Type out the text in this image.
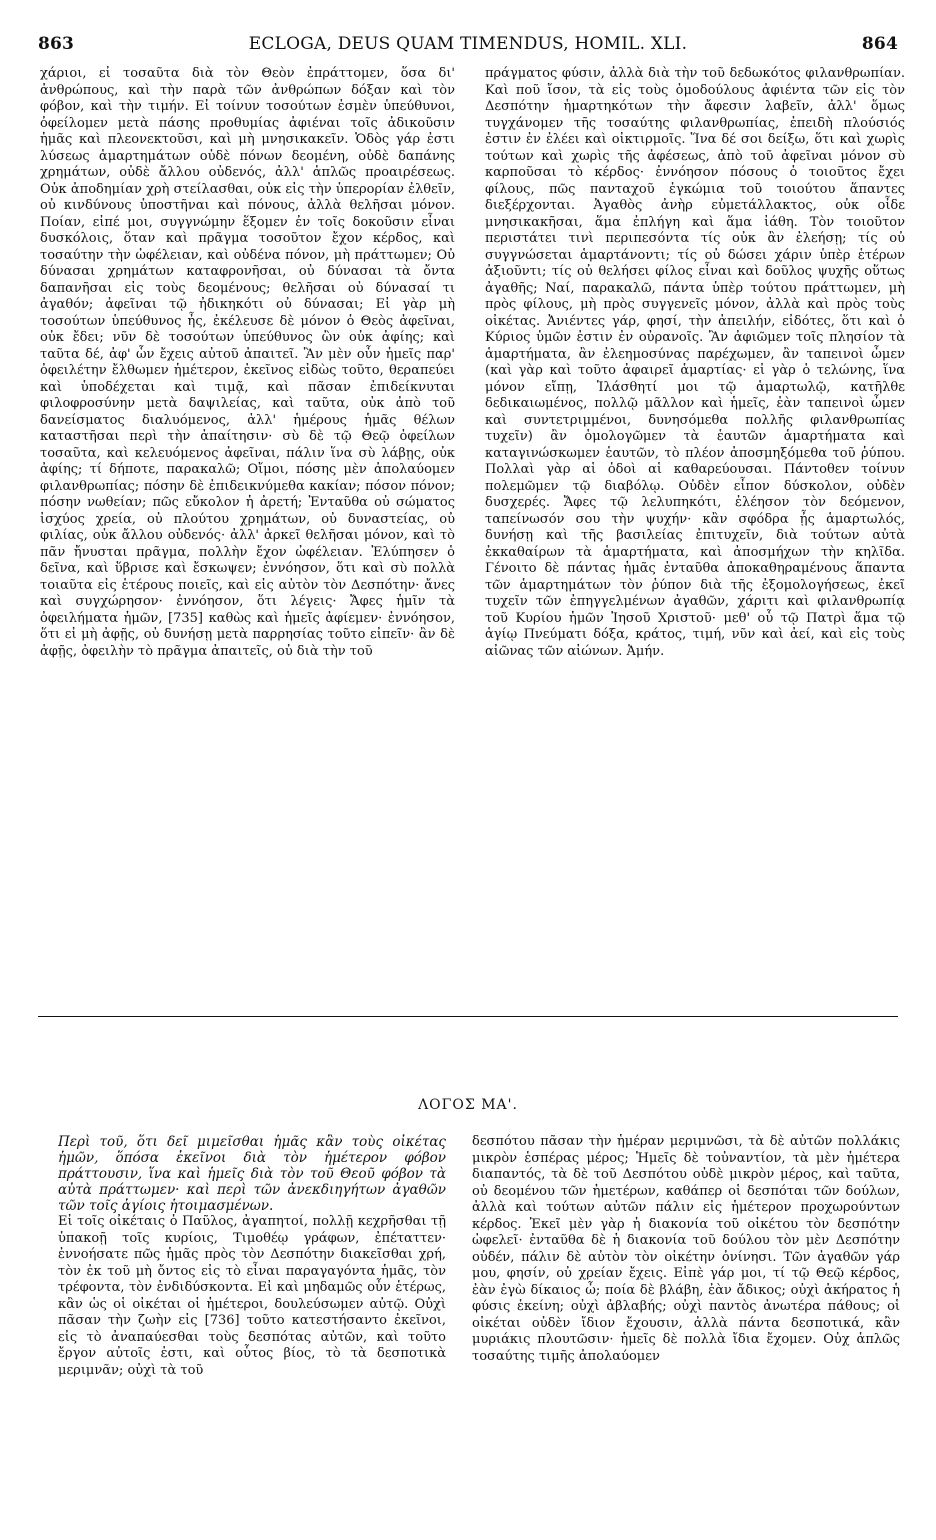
863	ECLOGA, DEUS QUAM TIMENDUS, HOMIL. XLI.	864

χάριοι, εἰ τοσαῦτα διὰ τὸν Θεὸν ἐπράττομεν, ὅσα δι' ἀνθρώπους, καὶ τὴν παρὰ τῶν ἀνθρώπων δόξαν καὶ τὸν φόβον, καὶ τὴν τιμήν. Εἰ τοίνυν τοσούτων ἐσμὲν ὑπεύθυνοι, ὀφείλομεν μετὰ πάσης προθυμίας ἀφιέναι τοῖς ἀδικοῦσιν ἡμᾶς καὶ πλεονεκτοῦσι, καὶ μὴ μνησικακεῖν. Ὁδὸς γάρ ἐστι λύσεως ἁμαρτημάτων οὐδὲ πόνων δεομένη, οὐδὲ δαπάνης χρημάτων, οὐδὲ ἄλλου οὐδενός, ἀλλ' ἁπλῶς προαιρέσεως. Οὐκ ἀποδημίαν χρὴ στείλασθαι, οὐκ εἰς τὴν ὑπερορίαν ἐλθεῖν, οὐ κινδύνους ὑποστῆναι καὶ πόνους, ἀλλὰ θελῆσαι μόνον. Ποίαν, εἰπέ μοι, συγγνώμην ἕξομεν ἐν τοῖς δοκοῦσιν εἶναι δυσκόλοις, ὅταν καὶ πρᾶγμα τοσοῦτον ἔχον κέρδος, καὶ τοσαύτην τὴν ὠφέλειαν, καὶ οὐδένα πόνον, μὴ πράττωμεν; Οὐ δύνασαι χρημάτων καταφρονῆσαι, οὐ δύνασαι τὰ ὄντα δαπανῆσαι εἰς τοὺς δεομένους; θελῆσαι οὐ δύνασαί τι ἀγαθόν; ἀφεῖναι τῷ ἠδικηκότι οὐ δύνασαι; Εἰ γὰρ μὴ τοσούτων ὑπεύθυνος ἦς, ἐκέλευσε δὲ μόνον ὁ Θεὸς ἀφεῖναι, οὐκ ἔδει; νῦν δὲ τοσούτων ὑπεύθυνος ὢν οὐκ ἀφίης; καὶ ταῦτα δέ, ἀφ' ὧν ἔχεις αὐτοῦ ἀπαιτεῖ. Ἂν μὲν οὖν ἡμεῖς παρ' ὀφειλέτην ἔλθωμεν ἡμέτερον, ἐκεῖνος εἰδὼς τοῦτο, θεραπεύει καὶ ὑποδέχεται καὶ τιμᾷ, καὶ πᾶσαν ἐπιδείκνυται φιλοφροσύνην μετὰ δαψιλείας, καὶ ταῦτα, οὐκ ἀπὸ τοῦ δανείσματος διαλυόμενος, ἀλλ' ἡμέρους ἡμᾶς θέλων καταστῆσαι περὶ τὴν ἀπαίτησιν· σὺ δὲ τῷ Θεῷ ὀφείλων τοσαῦτα, καὶ κελευόμενος ἀφεῖναι, πάλιν ἵνα σὺ λάβῃς, οὐκ ἀφίης; τί δήποτε, παρακαλῶ; Οἴμοι, πόσης μὲν ἀπολαύομεν φιλανθρωπίας; πόσην δὲ ἐπιδεικνύμεθα κακίαν; πόσον πόνον; πόσην νωθείαν; πῶς εὔκολον ἡ ἀρετή; Ἐνταῦθα οὐ σώματος ἰσχύος χρεία, οὐ πλούτου χρημάτων, οὐ δυναστείας, οὐ φιλίας, οὐκ ἄλλου οὐδενός· ἀλλ' ἀρκεῖ θελῆσαι μόνον, καὶ τὸ πᾶν ἤνυσται πρᾶγμα, πολλὴν ἔχον ὠφέλειαν. Ἐλύπησεν ὁ δεῖνα, καὶ ὕβρισε καὶ ἔσκωψεν; ἐννόησον, ὅτι καὶ σὺ πολλὰ τοιαῦτα εἰς ἑτέρους ποιεῖς, καὶ εἰς αὐτὸν τὸν Δεσπότην· ἄνες καὶ συγχώρησον· ἐννόησον, ὅτι λέγεις· Ἄφες ἡμῖν τὰ ὀφειλήματα ἡμῶν, [735] καθὼς καὶ ἡμεῖς ἀφίεμεν· ἐννόησον, ὅτι εἰ μὴ ἀφῇς, οὐ δυνήσῃ μετὰ παρρησίας τοῦτο εἰπεῖν· ἂν δὲ ἀφῇς, ὀφειλὴν τὸ πρᾶγμα ἀπαιτεῖς, οὐ διὰ τὴν τοῦ

πράγματος φύσιν, ἀλλὰ διὰ τὴν τοῦ δεδωκότος φιλανθρωπίαν. Καὶ ποῦ ἴσον, τὰ εἰς τοὺς ὁμοδούλους ἀφιέντα τῶν εἰς τὸν Δεσπότην ἡμαρτηκότων τὴν ἄφεσιν λαβεῖν, ἀλλ' ὅμως τυγχάνομεν τῆς τοσαύτης φιλανθρωπίας, ἐπειδὴ πλούσιός ἐστιν ἐν ἐλέει καὶ οἰκτιρμοῖς. Ἵνα δέ σοι δείξω, ὅτι καὶ χωρὶς τούτων καὶ χωρὶς τῆς ἀφέσεως, ἀπὸ τοῦ ἀφεῖναι μόνον σὺ καρποῦσαι τὸ κέρδος· ἐννόησον πόσους ὁ τοιοῦτος ἔχει φίλους, πῶς πανταχοῦ ἐγκώμια τοῦ τοιούτου ἅπαντες διεξέρχονται. Ἀγαθὸς ἀνὴρ εὐμετάλλακτος, οὐκ οἶδε μνησικακῆσαι, ἅμα ἐπλήγη καὶ ἅμα ἰάθη. Τὸν τοιοῦτον περιστάτει τινὶ περιπεσόντα τίς οὐκ ἂν ἐλεήσῃ; τίς οὐ συγγνώσεται ἁμαρτάνοντι; τίς οὐ δώσει χάριν ὑπὲρ ἑτέρων ἀξιοῦντι; τίς οὐ θελήσει φίλος εἶναι καὶ δοῦλος ψυχῆς οὕτως ἀγαθῆς; Ναί, παρακαλῶ, πάντα ὑπὲρ τούτου πράττωμεν, μὴ πρὸς φίλους, μὴ πρὸς συγγενεῖς μόνον, ἀλλὰ καὶ πρὸς τοὺς οἰκέτας. Ἀνιέντες γάρ, φησί, τὴν ἀπειλήν, εἰδότες, ὅτι καὶ ὁ Κύριος ὑμῶν ἐστιν ἐν οὐρανοῖς. Ἂν ἀφιῶμεν τοῖς πλησίον τὰ ἁμαρτήματα, ἂν ἐλεημοσύνας παρέχωμεν, ἂν ταπεινοὶ ὦμεν (καὶ γὰρ καὶ τοῦτο ἀφαιρεῖ ἁμαρτίας· εἰ γὰρ ὁ τελώνης, ἵνα μόνον εἴπῃ, Ἱλάσθητί μοι τῷ ἁμαρτωλῷ, κατῆλθε δεδικαιωμένος, πολλῷ μᾶλλον καὶ ἡμεῖς, ἐὰν ταπεινοὶ ὦμεν καὶ συντετριμμένοι, δυνησόμεθα πολλῆς φιλανθρωπίας τυχεῖν) ἂν ὁμολογῶμεν τὰ ἑαυτῶν ἁμαρτήματα καὶ καταγινώσκωμεν ἑαυτῶν, τὸ πλέον ἀποσμηξόμεθα τοῦ ῥύπου. Πολλαὶ γὰρ αἱ ὁδοὶ αἱ καθαρεύουσαι. Πάντοθεν τοίνυν πολεμῶμεν τῷ διαβόλῳ. Οὐδὲν εἶπον δύσκολον, οὐδὲν δυσχερές. Ἄφες τῷ λελυπηκότι, ἐλέησον τὸν δεόμενον, ταπείνωσόν σου τὴν ψυχήν· κἂν σφόδρα ᾖς ἁμαρτωλός, δυνήσῃ καὶ τῆς βασιλείας ἐπιτυχεῖν, διὰ τούτων αὐτὰ ἐκκαθαίρων τὰ ἁμαρτήματα, καὶ ἀποσμήχων τὴν κηλῖδα. Γένοιτο δὲ πάντας ἡμᾶς ἐνταῦθα ἀποκαθηραμένους ἅπαντα τῶν ἁμαρτημάτων τὸν ῥύπον διὰ τῆς ἐξομολογήσεως, ἐκεῖ τυχεῖν τῶν ἐπηγγελμένων ἀγαθῶν, χάριτι καὶ φιλανθρωπίᾳ τοῦ Κυρίου ἡμῶν Ἰησοῦ Χριστοῦ· μεθ' οὗ τῷ Πατρὶ ἅμα τῷ ἁγίῳ Πνεύματι δόξα, κράτος, τιμή, νῦν καὶ ἀεί, καὶ εἰς τοὺς αἰῶνας τῶν αἰώνων. Ἀμήν.

ΛΟΓΟΣ ΜΑ'.

Περὶ τοῦ, ὅτι δεῖ μιμεῖσθαι ἡμᾶς κἂν τοὺς οἰκέτας ἡμῶν, ὅπόσα ἐκεῖνοι διὰ τὸν ἡμέτερον φόβον πράττουσιν, ἵνα καὶ ἡμεῖς διὰ τὸν τοῦ Θεοῦ φόβον τὰ αὐτὰ πράττωμεν· καὶ περὶ τῶν ἀνεκδιηγήτων ἀγαθῶν τῶν τοῖς ἁγίοις ἡτοιμασμένων.

Εἰ τοῖς οἰκέταις ὁ Παῦλος, ἀγαπητοί, πολλῇ κεχρῆσθαι τῇ ὑπακοῇ τοῖς κυρίοις, Τιμοθέῳ γράφων, ἐπέταττεν· ἐννοήσατε πῶς ἡμᾶς πρὸς τὸν Δεσπότην διακεῖσθαι χρή, τὸν ἐκ τοῦ μὴ ὄντος εἰς τὸ εἶναι παραγαγόντα ἡμᾶς, τὸν τρέφοντα, τὸν ἐνδιδύσκοντα. Εἰ καὶ μηδαμῶς οὖν ἑτέρως, κἂν ὡς οἱ οἰκέται οἱ ἡμέτεροι, δουλεύσωμεν αὐτῷ. Οὐχὶ πᾶσαν τὴν ζωὴν εἰς [736] τοῦτο κατεστήσαντο ἐκεῖνοι, εἰς τὸ ἀναπαύεσθαι τοὺς δεσπότας αὐτῶν, καὶ τοῦτο ἔργον αὐτοῖς ἐστι, καὶ οὗτος βίος, τὸ τὰ δεσποτικὰ μεριμνᾶν; οὐχὶ τὰ τοῦ

δεσπότου πᾶσαν τὴν ἡμέραν μεριμνῶσι, τὰ δὲ αὐτῶν πολλάκις μικρὸν ἑσπέρας μέρος; Ἡμεῖς δὲ τοὐναντίον, τὰ μὲν ἡμέτερα διαπαντός, τὰ δὲ τοῦ Δεσπότου οὐδὲ μικρὸν μέρος, καὶ ταῦτα, οὐ δεομένου τῶν ἡμετέρων, καθάπερ οἱ δεσπόται τῶν δούλων, ἀλλὰ καὶ τούτων αὐτῶν πάλιν εἰς ἡμέτερον προχωρούντων κέρδος. Ἐκεῖ μὲν γὰρ ἡ διακονία τοῦ οἰκέτου τὸν δεσπότην ὠφελεῖ· ἐνταῦθα δὲ ἡ διακονία τοῦ δούλου τὸν μὲν Δεσπότην οὐδέν, πάλιν δὲ αὐτὸν τὸν οἰκέτην ὀνίνησι. Τῶν ἀγαθῶν γάρ μου, φησίν, οὐ χρείαν ἔχεις. Εἰπὲ γάρ μοι, τί τῷ Θεῷ κέρδος, ἐὰν ἐγὼ δίκαιος ὦ; ποία δὲ βλάβη, ἐὰν ἄδικος; οὐχὶ ἀκήρατος ἡ φύσις ἐκείνη; οὐχὶ ἀβλαβής; οὐχὶ παντὸς ἀνωτέρα πάθους; οἱ οἰκέται οὐδὲν ἴδιον ἔχουσιν, ἀλλὰ πάντα δεσποτικά, κἂν μυριάκις πλουτῶσιν· ἡμεῖς δὲ πολλὰ ἴδια ἔχομεν. Οὐχ ἁπλῶς τοσαύτης τιμῆς ἀπολαύομεν
